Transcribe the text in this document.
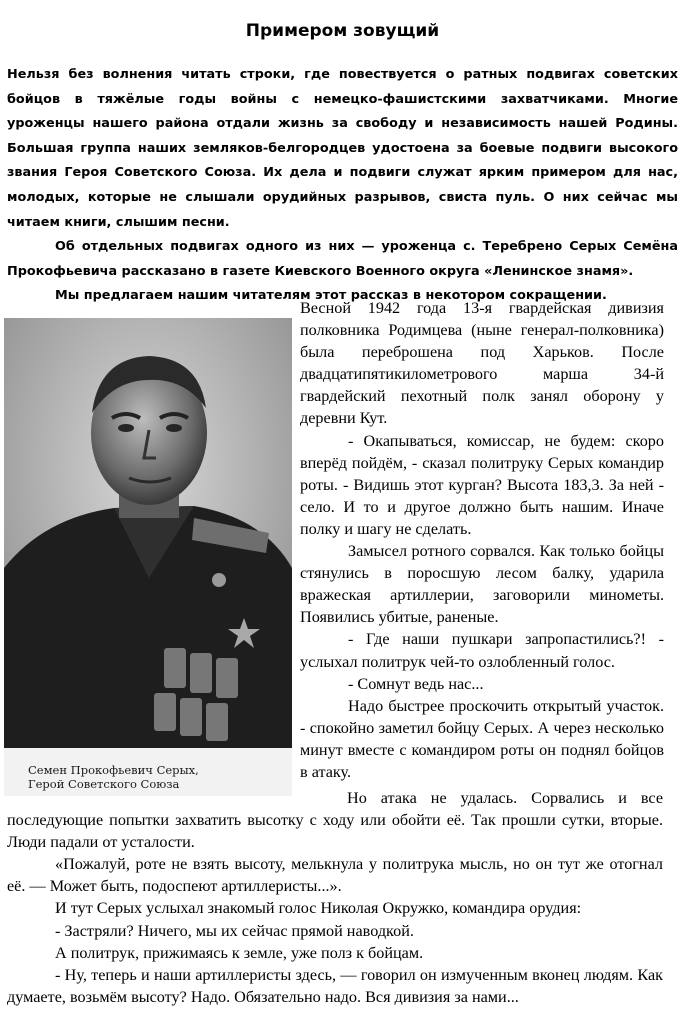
Примером зовущий

Нельзя без волнения читать строки, где повествуется о ратных подвигах советских бойцов в тяжёлые годы войны с немецко-фашистскими захватчиками. Многие уроженцы нашего района отдали жизнь за свободу и независимость нашей Родины. Большая группа наших земляков-белгородцев удостоена за боевые подвиги высокого звания Героя Советского Союза. Их дела и подвиги служат ярким примером для нас, молодых, которые не слышали орудийных разрывов, свиста пуль. О них сейчас мы читаем книги, слышим песни.

Об отдельных подвигах одного из них — уроженца с. Теребрено Серых Семёна Прокофьевича рассказано в газете Киевского Военного округа «Ленинское знамя».

Мы предлагаем нашим читателям этот рассказ в некотором сокращении.

Семен Прокофьевич Серых,
Герой Советского Союза

Весной 1942 года 13-я гвардейская дивизия полковника Родимцева (ныне генерал-полковника) была переброшена под Харьков. После двадцатипятикилометрового марша 34-й гвардейский пехотный полк занял оборону у деревни Кут.

- Окапываться, комиссар, не будем: скоро вперёд пойдём, - сказал политруку Серых командир роты. - Видишь этот курган? Высота 183,3. За ней - село. И то и другое должно быть нашим. Иначе полку и шагу не сделать.

Замысел ротного сорвался. Как только бойцы стянулись в поросшую лесом балку, ударила вражеская артиллерии, заговорили минометы. Появились убитые, раненые.

- Где наши пушкари запропастились?! - услыхал политрук чей-то озлобленный голос.

- Сомнут ведь нас...

Надо быстрее проскочить открытый участок. - спокойно заметил бойцу Серых. А через несколько минут вместе с командиром роты он поднял бойцов в атаку.

Но атака не удалась. Сорвались и все последующие попытки захватить высотку с ходу или обойти её. Так прошли сутки, вторые. Люди падали от усталости.

«Пожалуй, роте не взять высоту, мелькнула у политрука мысль, но он тут же отогнал её. — Может быть, подоспеют артиллеристы...».

И тут Серых услыхал знакомый голос Николая Окружко, командира орудия:

- Застряли? Ничего, мы их сейчас прямой наводкой.

А политрук, прижимаясь к земле, уже полз к бойцам.

- Ну, теперь и наши артиллеристы здесь, — говорил он измученным вконец людям. Как думаете, возьмём высоту? Надо. Обязательно надо. Вся дивизия за нами...
